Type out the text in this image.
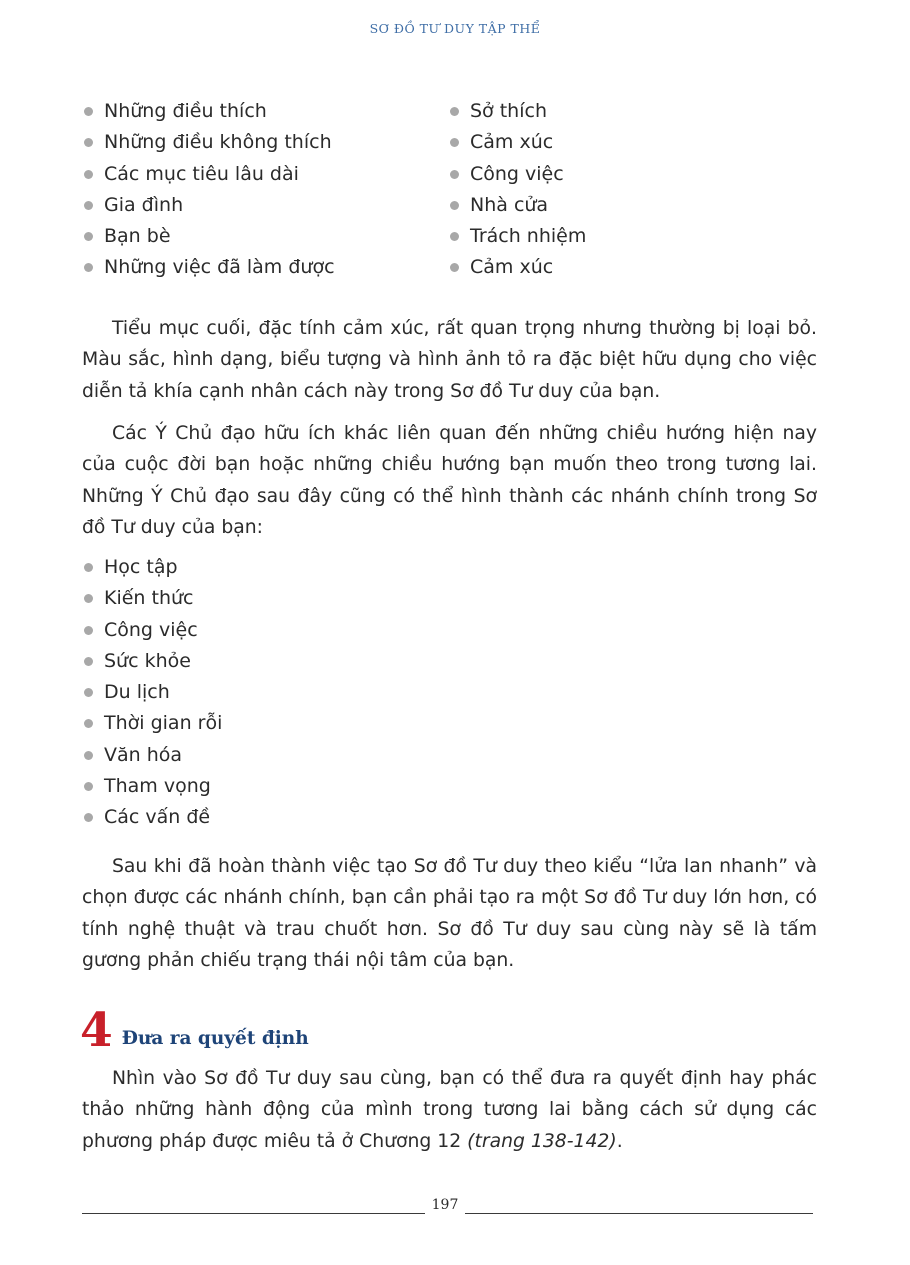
SƠ ĐỒ TƯ DUY TẬP THỂ
Những điều thích
Những điều không thích
Các mục tiêu lâu dài
Gia đình
Bạn bè
Những việc đã làm được
Sở thích
Cảm xúc
Công việc
Nhà cửa
Trách nhiệm
Cảm xúc

Tiểu mục cuối, đặc tính cảm xúc, rất quan trọng nhưng thường bị loại bỏ. Màu sắc, hình dạng, biểu tượng và hình ảnh tỏ ra đặc biệt hữu dụng cho việc diễn tả khía cạnh nhân cách này trong Sơ đồ Tư duy của bạn.

Các Ý Chủ đạo hữu ích khác liên quan đến những chiều hướng hiện nay của cuộc đời bạn hoặc những chiều hướng bạn muốn theo trong tương lai. Những Ý Chủ đạo sau đây cũng có thể hình thành các nhánh chính trong Sơ đồ Tư duy của bạn:

Học tập
Kiến thức
Công việc
Sức khỏe
Du lịch
Thời gian rỗi
Văn hóa
Tham vọng
Các vấn đề

Sau khi đã hoàn thành việc tạo Sơ đồ Tư duy theo kiểu “lửa lan nhanh” và chọn được các nhánh chính, bạn cần phải tạo ra một Sơ đồ Tư duy lớn hơn, có tính nghệ thuật và trau chuốt hơn. Sơ đồ Tư duy sau cùng này sẽ là tấm gương phản chiếu trạng thái nội tâm của bạn.

4 Đưa ra quyết định

Nhìn vào Sơ đồ Tư duy sau cùng, bạn có thể đưa ra quyết định hay phác thảo những hành động của mình trong tương lai bằng cách sử dụng các phương pháp được miêu tả ở Chương 12 (trang 138-142).

197
